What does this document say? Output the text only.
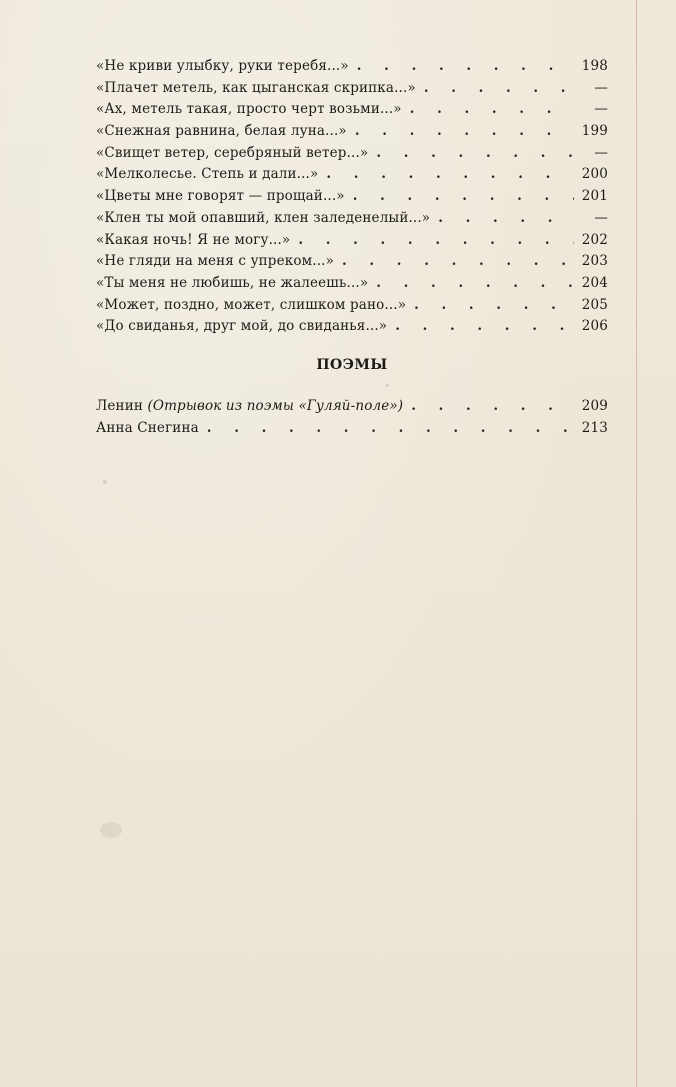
«Не криви улыбку, руки теребя...» . . .	198
«Плачет метель, как цыганская скрипка...» . . .	—
«Ах, метель такая, просто черт возьми...» . . .	—
«Снежная равнина, белая луна...» . . .	199
«Свищет ветер, серебряный ветер...» . . .	—
«Мелколесье. Степь и дали...» . . .	200
«Цветы мне говорят — прощай...» . . .	201
«Клен ты мой опавший, клен заледенелый...» . . .	—
«Какая ночь! Я не могу...» . . .	202
«Не гляди на меня с упреком...» . . .	203
«Ты меня не любишь, не жалеешь...» . . .	204
«Может, поздно, может, слишком рано...» . . .	205
«До свиданья, друг мой, до свиданья...» . . .	206
ПОЭМЫ
Ленин (Отрывок из поэмы «Гуляй-поле») . . .	209
Анна Снегина . . .	213
